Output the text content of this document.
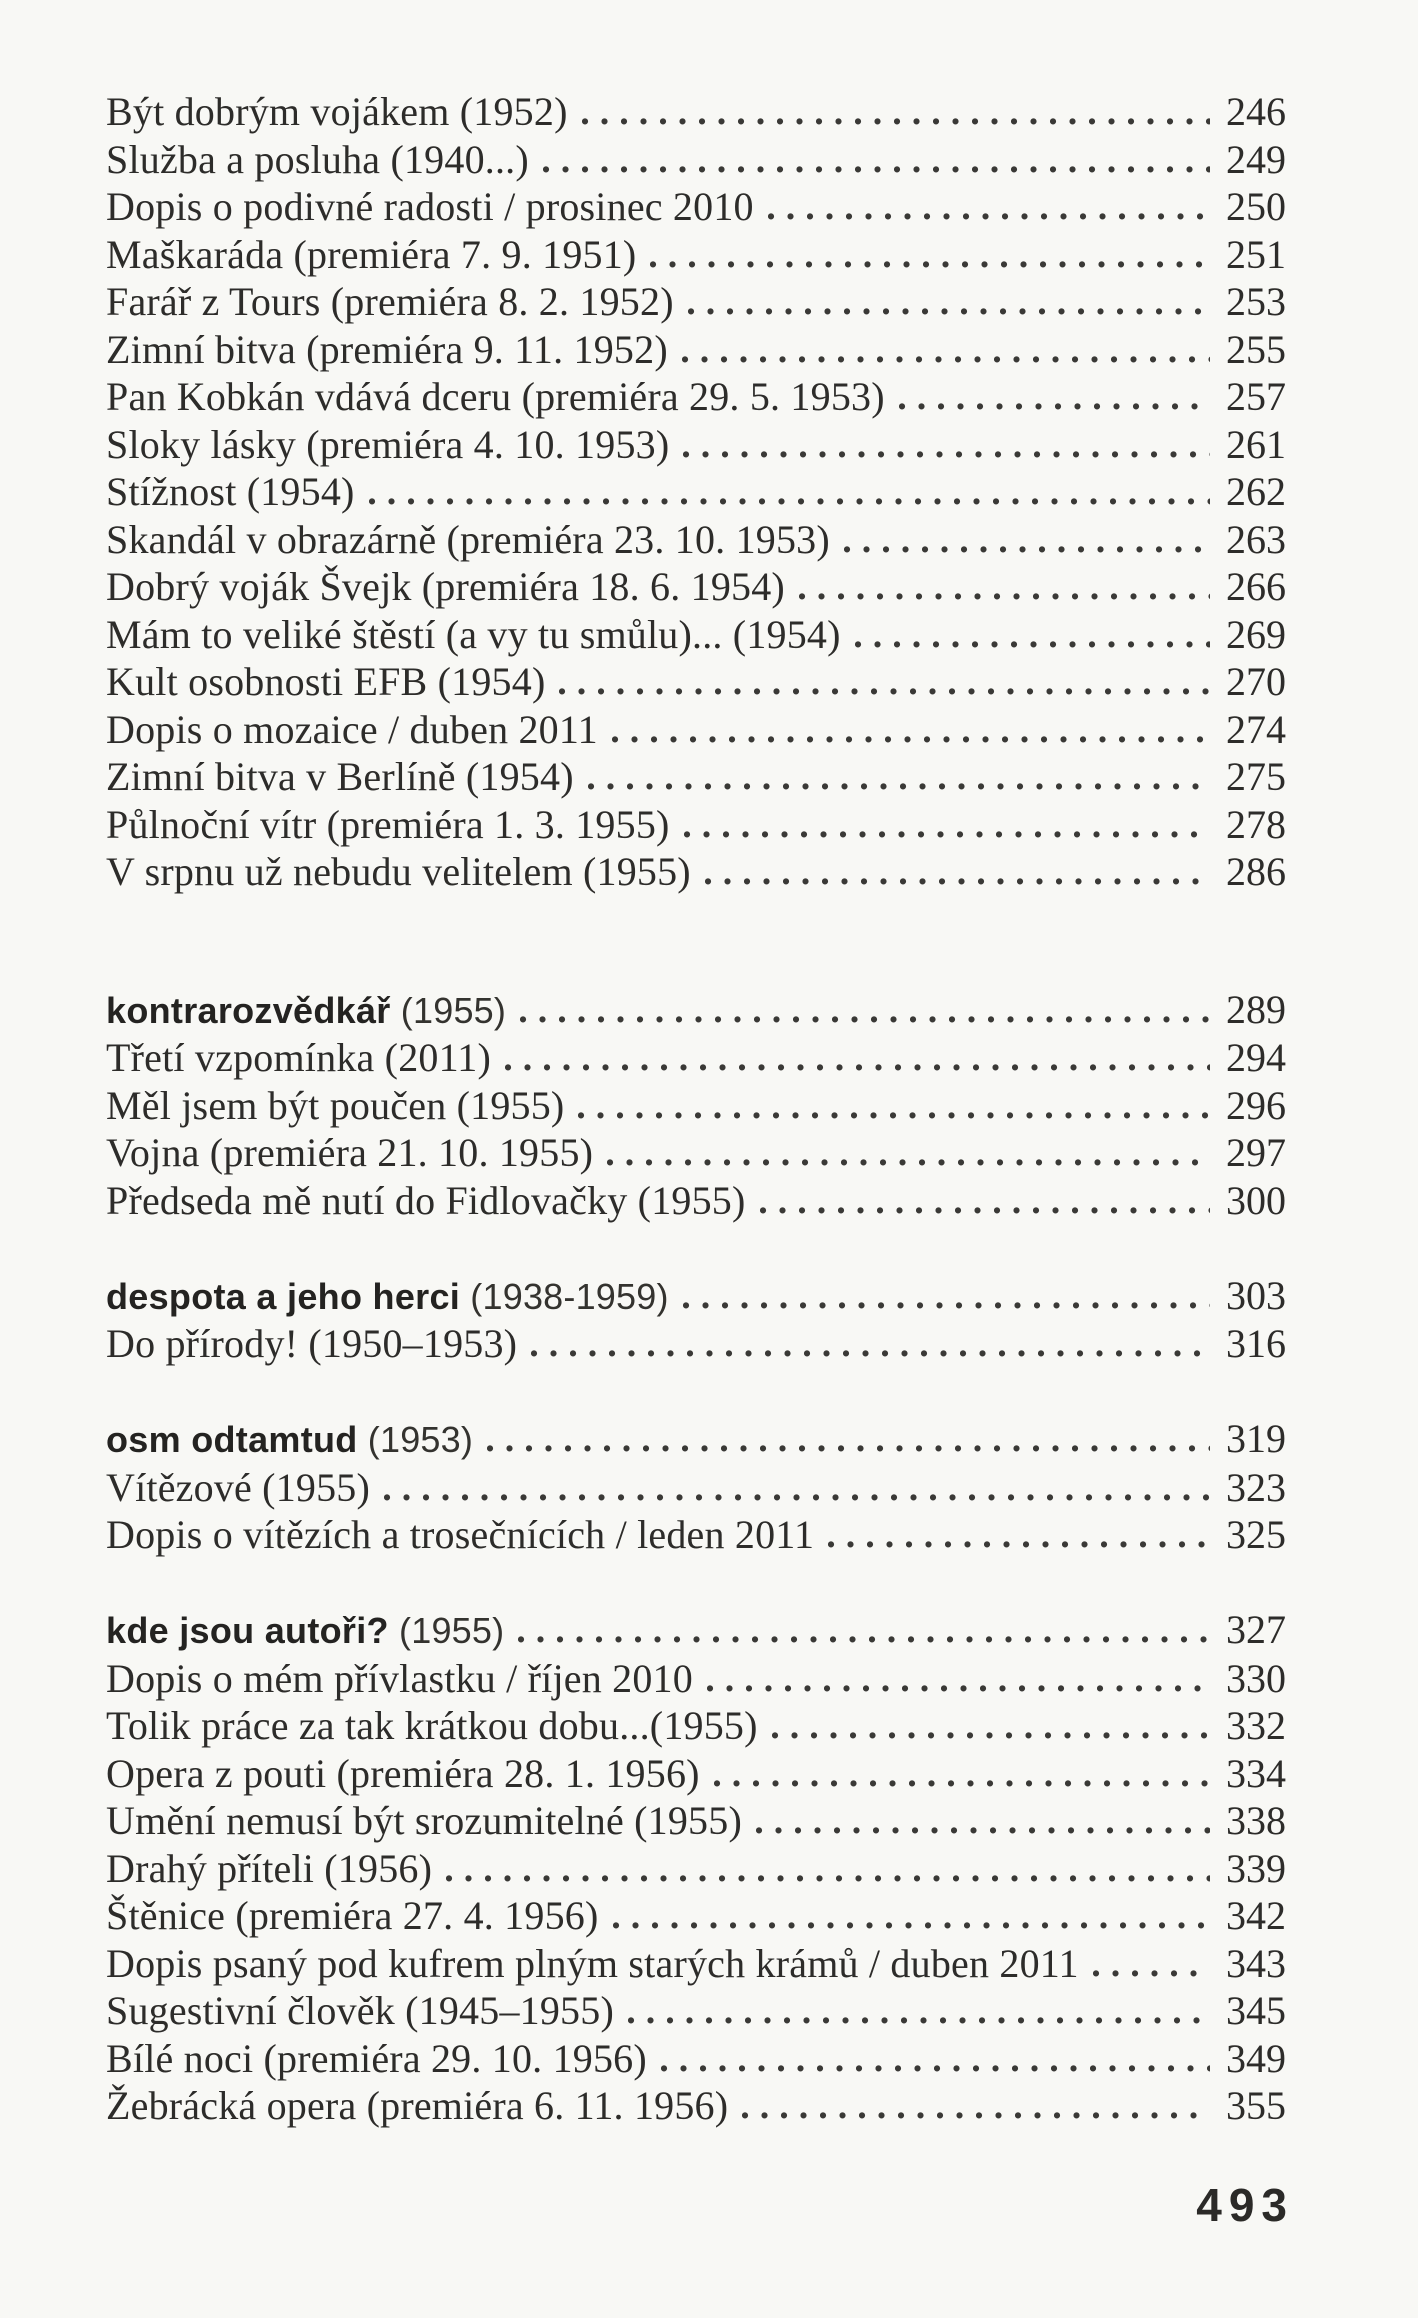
Být dobrým vojákem (1952)	246
Služba a posluha (1940...)	249
Dopis o podivné radosti / prosinec 2010	250
Maškaráda (premiéra 7. 9. 1951)	251
Farář z Tours (premiéra 8. 2. 1952)	253
Zimní bitva (premiéra 9. 11. 1952)	255
Pan Kobkán vdává dceru (premiéra 29. 5. 1953)	257
Sloky lásky (premiéra 4. 10. 1953)	261
Stížnost (1954)	262
Skandál v obrazárně (premiéra 23. 10. 1953)	263
Dobrý voják Švejk (premiéra 18. 6. 1954)	266
Mám to veliké štěstí (a vy tu smůlu)... (1954)	269
Kult osobnosti EFB (1954)	270
Dopis o mozaice / duben 2011	274
Zimní bitva v Berlíně (1954)	275
Půlnoční vítr (premiéra 1. 3. 1955)	278
V srpnu už nebudu velitelem (1955)	286
kontrarozvědkář (1955)	289
Třetí vzpomínka (2011)	294
Měl jsem být poučen (1955)	296
Vojna (premiéra 21. 10. 1955)	297
Předseda mě nutí do Fidlovačky (1955)	300
despota a jeho herci (1938-1959)	303
Do přírody! (1950–1953)	316
osm odtamtud (1953)	319
Vítězové (1955)	323
Dopis o vítězích a trosečnících / leden 2011	325
kde jsou autoři? (1955)	327
Dopis o mém přívlastku / říjen 2010	330
Tolik práce za tak krátkou dobu...(1955)	332
Opera z pouti (premiéra 28. 1. 1956)	334
Umění nemusí být srozumitelné (1955)	338
Drahý příteli (1956)	339
Štěnice (premiéra 27. 4. 1956)	342
Dopis psaný pod kufrem plným starých krámů / duben 2011	343
Sugestivní člověk (1945–1955)	345
Bílé noci (premiéra 29. 10. 1956)	349
Žebrácká opera (premiéra 6. 11. 1956)	355
493
